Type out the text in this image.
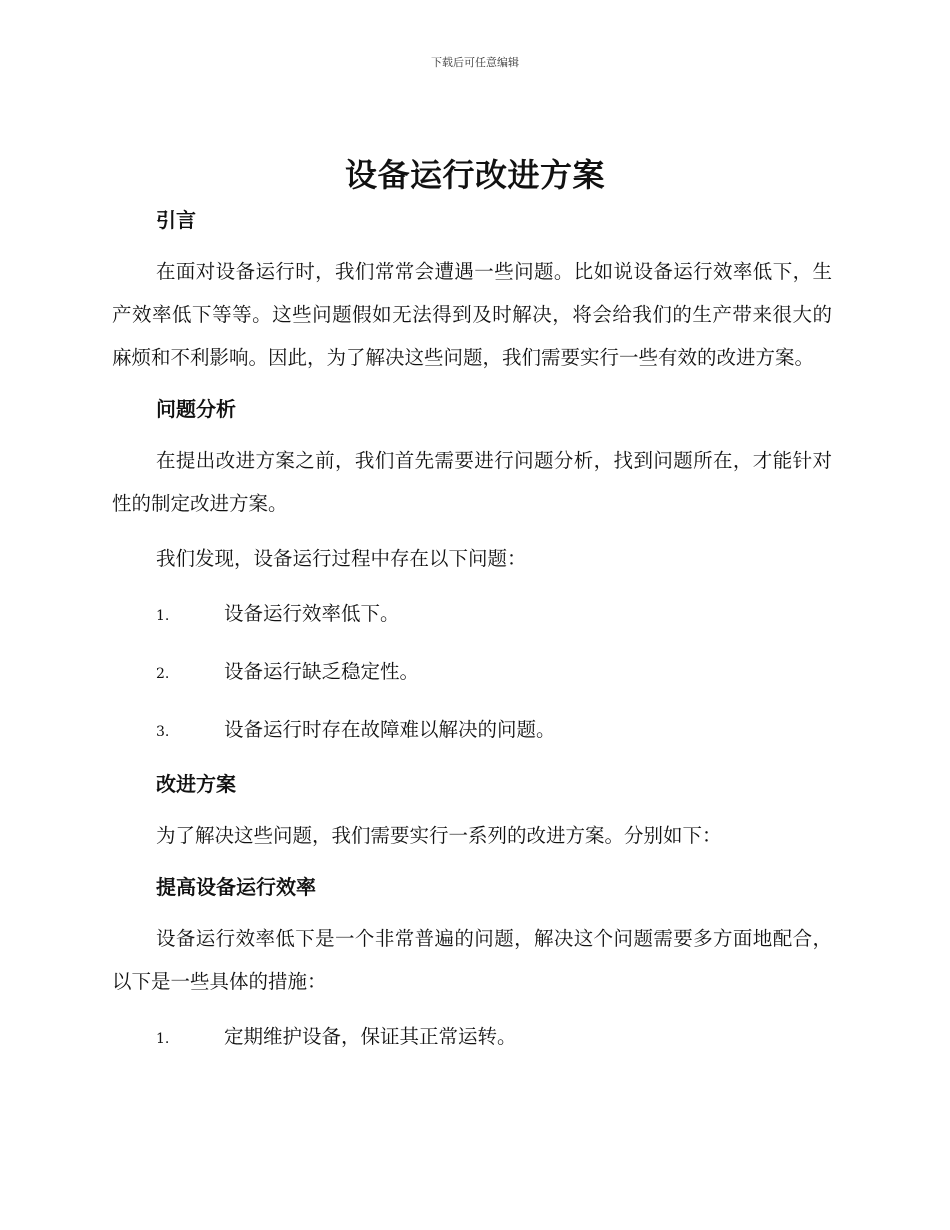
下载后可任意编辑
设备运行改进方案
引言

在面对设备运行时，我们常常会遭遇一些问题。比如说设备运行效率低下，生产效率低下等等。这些问题假如无法得到及时解决，将会给我们的生产带来很大的麻烦和不利影响。因此，为了解决这些问题，我们需要实行一些有效的改进方案。

问题分析

在提出改进方案之前，我们首先需要进行问题分析，找到问题所在，才能针对性的制定改进方案。

我们发现，设备运行过程中存在以下问题：

1.	设备运行效率低下。
2.	设备运行缺乏稳定性。
3.	设备运行时存在故障难以解决的问题。
改进方案

为了解决这些问题，我们需要实行一系列的改进方案。分别如下：

提高设备运行效率

设备运行效率低下是一个非常普遍的问题，解决这个问题需要多方面地配合，以下是一些具体的措施：

1.	定期维护设备，保证其正常运转。
